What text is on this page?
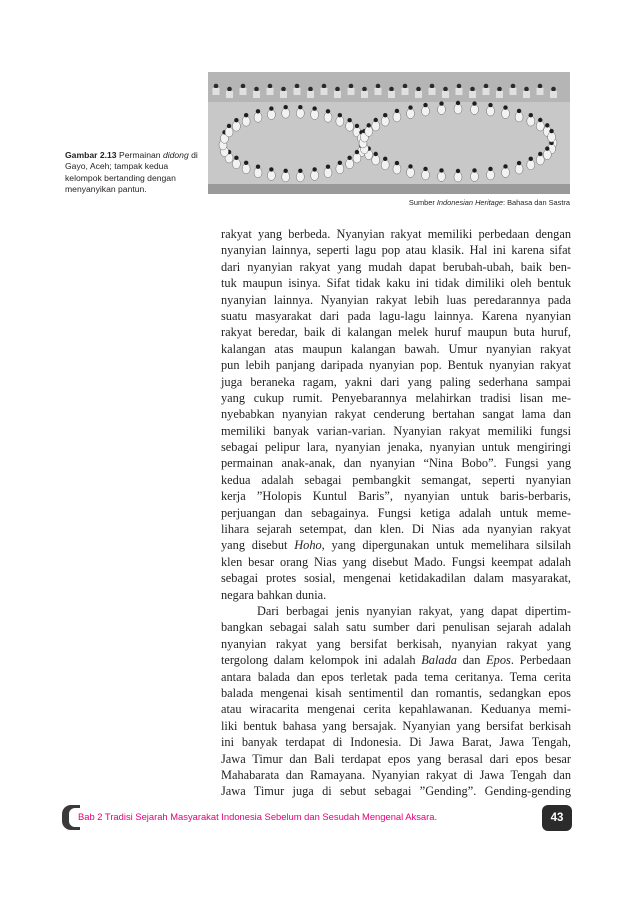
Gambar 2.13 Permainan didong di Gayo, Aceh; tampak kedua kelompok bertanding dengan menyanyikan pantun.
Sumber Indonesian Heritage: Bahasa dan Sastra
rakyat yang berbeda. Nyanyian rakyat memiliki perbedaan dengan
nyanyian lainnya, seperti lagu pop atau klasik. Hal ini karena sifat
dari nyanyian rakyat yang mudah dapat berubah-ubah, baik ben-
tuk maupun isinya. Sifat tidak kaku ini tidak dimiliki oleh bentuk
nyanyian lainnya. Nyanyian rakyat lebih luas peredarannya pada
suatu masyarakat dari pada lagu-lagu lainnya. Karena nyanyian
rakyat beredar, baik di kalangan melek huruf maupun buta huruf,
kalangan atas maupun kalangan bawah. Umur nyanyian rakyat
pun lebih panjang daripada nyanyian pop. Bentuk nyanyian rakyat
juga beraneka ragam, yakni dari yang paling sederhana sampai
yang cukup rumit. Penyebarannya melahirkan tradisi lisan me-
nyebabkan nyanyian rakyat cenderung bertahan sangat lama dan
memiliki banyak varian-varian. Nyanyian rakyat memiliki fungsi
sebagai pelipur lara, nyanyian jenaka, nyanyian untuk mengiringi
permainan anak-anak, dan nyanyian “Nina Bobo”. Fungsi yang
kedua adalah sebagai pembangkit semangat, seperti nyanyian
kerja ”Holopis Kuntul Baris”, nyanyian untuk baris-berbaris,
perjuangan dan sebagainya. Fungsi ketiga adalah untuk meme-
lihara sejarah setempat, dan klen. Di Nias ada nyanyian rakyat
yang disebut Hoho, yang dipergunakan untuk memelihara silsilah
klen besar orang Nias yang disebut Mado. Fungsi keempat adalah
sebagai protes sosial, mengenai ketidakadilan dalam masyarakat,
negara bahkan dunia.
Dari berbagai jenis nyanyian rakyat, yang dapat dipertim-
bangkan sebagai salah satu sumber dari penulisan sejarah adalah
nyanyian rakyat yang bersifat berkisah, nyanyian rakyat yang
tergolong dalam kelompok ini adalah Balada dan Epos. Perbedaan
antara balada dan epos terletak pada tema ceritanya. Tema cerita
balada mengenai kisah sentimentil dan romantis, sedangkan epos
atau wiracarita mengenai cerita kepahlawanan. Keduanya memi-
liki bentuk bahasa yang bersajak. Nyanyian yang bersifat berkisah
ini banyak terdapat di Indonesia. Di Jawa Barat, Jawa Tengah,
Jawa Timur dan Bali terdapat epos yang berasal dari epos besar
Mahabarata dan Ramayana. Nyanyian rakyat di Jawa Tengah dan
Jawa Timur juga di sebut sebagai ”Gending”. Gending-gending
Bab 2 Tradisi Sejarah Masyarakat Indonesia Sebelum dan Sesudah Mengenal Aksara.	43
